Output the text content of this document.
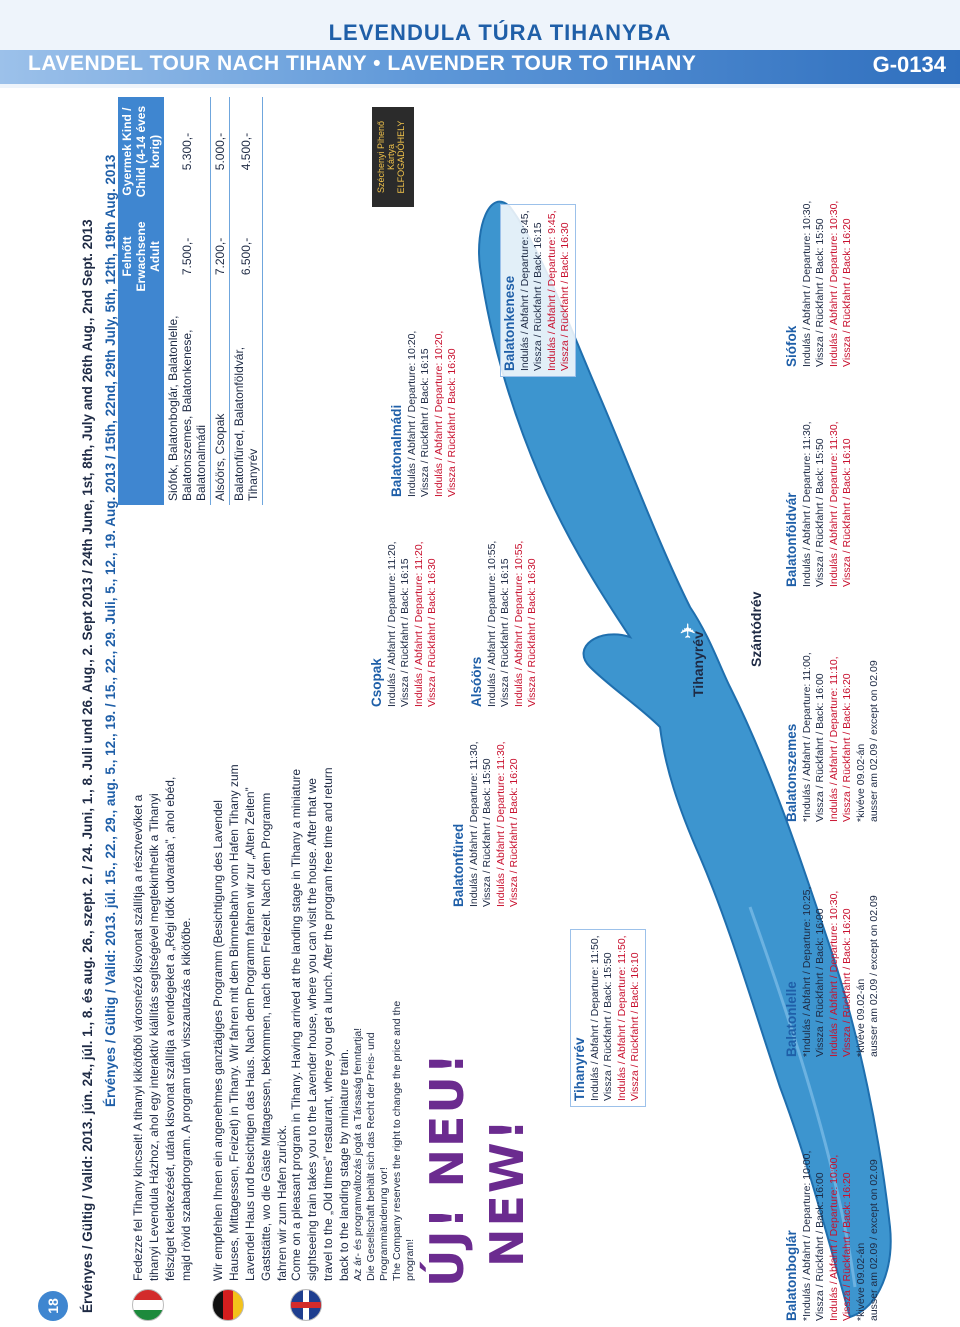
LEVENDULA TÚRA TIHANYBA
LAVENDEL TOUR NACH TIHANY • LAVENDER TOUR TO TIHANY	G-0134
18	Érvényes / Gültig / Valid: 2013. jún. 24., júl. 1., 8. és aug. 26., szept. 2. / 24. Juni, 1., 8. Juli und 26. Aug., 2. Sept 2013 / 24th June, 1st, 8th, July and 26th Aug., 2nd Sept. 2013 Érvényes / Gültig / Valid: 2013. júl. 15., 22., 29., aug. 5., 12., 19. / 15., 22., 29. Juli, 5., 12., 19. Aug. 2013 / 15th, 22nd, 29th July, 5th, 12th, 19th Aug. 2013 Fedezze fel Tihany kincseit! A tihanyi kikötőből városnéző kisvonat szállítja a résztvevőket a tihanyi Levendula Házhoz, ahol egy interaktív kiállítás segítségével megtekinthetik a Tihanyi félsziget keletkezését, utána kisvonat szállítja a vendégeket a „Régi idők udvarába”, ahol ebéd, majd rövid szabadprogram. A program után visszautazás a kikötőbe. Wir empfehlen Ihnen ein angenehmes ganztägiges Programm (Besichtigung des Lavendel Hauses, Mittagessen, Freizeit) in Tihany. Wir fahren mit dem Bimmelbahn vom Hafen Tihany zum Lavendel Haus und besichtigen das Haus. Nach dem Programm fahren wir zur „Alten Zeiten” Gaststätte, wo die Gäste Mittagessen, bekommen, nach dem Freizeit. Nach dem Programm fahren wir zum Hafen zurück. Come on a pleasant program in Tihany. Having arrived at the landing stage in Tihany a miniature sightseeing train takes you to the Lavender house, where you can visit the house. After that we travel to the „Old times” restaurant, where you get a lunch. After the program free time and return back to the landing stage by miniature train. Az ár- és programváltozás jogát a Társaság fenntartja! Die Gesellschaft behält sich das Recht der Preis- und Programmänderung vor! The Company reserves the right to change the price and the program! ÚJ! NEU! NEW!
	Felnőtt Erwachsene Adult	Gyermek Kind / Child (4-14 éves korig)
Siófok, Balatonboglár, Balatonlelle, Balatonszemes, Balatonkenese, Balatonalmádi	7.500,-	5.300,-
Alsóörs, Csopak	7.200,-	5.000,-
Balatonfüred, Balatonföldvár, Tihanyrév	6.500,-	4.500,-	Széchenyi Pihenő Kártya ELFOGADÓHELY
Tihanyrév	Szántódrév
✈
Balatonboglár *Indulás / Abfahrt / Departure: 10:00, Vissza / Rückfahrt / Back: 16:00 Indulás / Abfahrt / Departure: 10:00, Vissza / Rückfahrt / Back: 16:20 *kivéve 09.02-án ausser am 02.09 / except on 02.09
Balatonlelle *Indulás / Abfahrt / Departure: 10:25, Vissza / Rückfahrt / Back: 16:00 Indulás / Abfahrt / Departure: 10:30, Vissza / Rückfahrt / Back: 16:20 *kivéve 09.02-án ausser am 02.09 / except on 02.09
Balatonszemes *Indulás / Abfahrt / Departure: 11:00, Vissza / Rückfahrt / Back: 16:00 Indulás / Abfahrt / Departure: 11:10, Vissza / Rückfahrt / Back: 16:20 *kivéve 09.02-án ausser am 02.09 / except on 02.09
Balatonföldvár Indulás / Abfahrt / Departure: 11:30, Vissza / Rückfahrt / Back: 15:50 Indulás / Abfahrt / Departure: 11:30, Vissza / Rückfahrt / Back: 16:10
Siófok Indulás / Abfahrt / Departure: 10:30, Vissza / Rückfahrt / Back: 15:50 Indulás / Abfahrt / Departure: 10:30, Vissza / Rückfahrt / Back: 16:20
Tihanyrév Indulás / Abfahrt / Departure: 11:50, Vissza / Rückfahrt / Back: 15:50 Indulás / Abfahrt / Departure: 11:50, Vissza / Rückfahrt / Back: 16:10
Balatonfüred Indulás / Abfahrt / Departure: 11:30, Vissza / Rückfahrt / Back: 15:50 Indulás / Abfahrt / Departure: 11:30, Vissza / Rückfahrt / Back: 16:20
Csopak Indulás / Abfahrt / Departure: 11:20, Vissza / Rückfahrt / Back: 16:15 Indulás / Abfahrt / Departure: 11:20, Vissza / Rückfahrt / Back: 16:30 Alsóörs Indulás / Abfahrt / Departure: 10:55, Vissza / Rückfahrt / Back: 16:15 Indulás / Abfahrt / Departure: 10:55, Vissza / Rückfahrt / Back: 16:30
Balatonalmádi Indulás / Abfahrt / Departure: 10:20, Vissza / Rückfahrt / Back: 16:15 Indulás / Abfahrt / Departure: 10:20, Vissza / Rückfahrt / Back: 16:30
Balatonkenese Indulás / Abfahrt / Departure: 9:45, Vissza / Rückfahrt / Back: 16:15 Indulás / Abfahrt / Departure: 9:45, Vissza / Rückfahrt / Back: 16:30
